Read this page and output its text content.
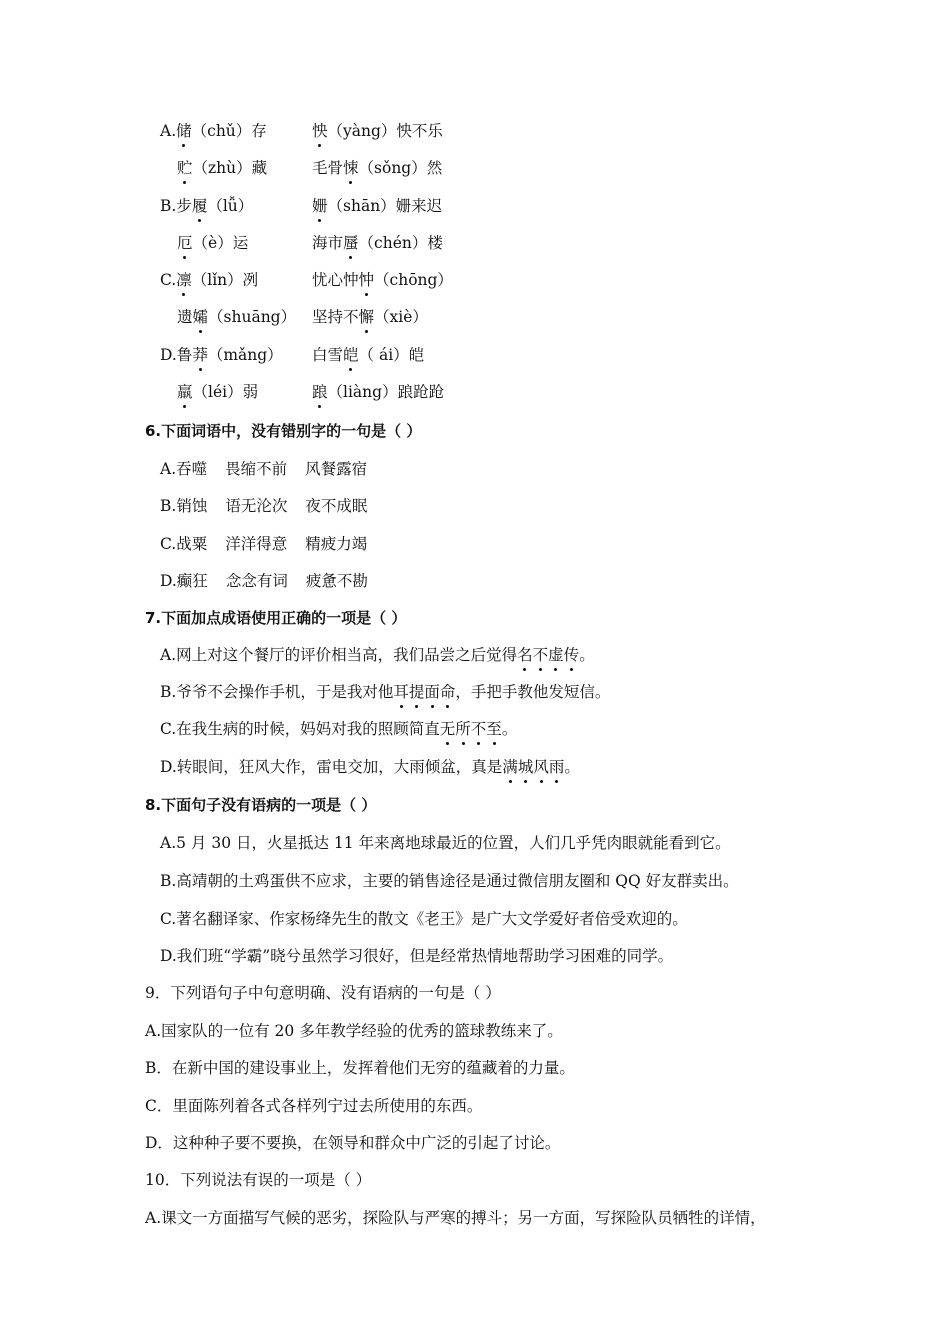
A.储（chǔ）存	怏（yàng）怏不乐
贮（zhù）藏	毛骨悚（sǒng）然
B.步履（lǚ）	姗（shān）姗来迟
厄（è）运	海市蜃（chén）楼
C.凛（lǐn）冽	忧心忡忡（chōng）
遗孀（shuāng） 坚持不懈（xiè）
D.鲁莽（mǎng） 白雪皑（ ái）皑
羸（léi）弱	踉（liàng）踉跄跄
6.下面词语中，没有错别字的一句是（ ）
A.吞噬 畏缩不前 风餐露宿
B.销蚀 语无沦次 夜不成眠
C.战粟 洋洋得意 精疲力竭
D.癫狂 念念有词 疲惫不勘
7.下面加点成语使用正确的一项是（ ）
A.网上对这个餐厅的评价相当高，我们品尝之后觉得名不虚传。
B.爷爷不会操作手机，于是我对他耳提面命，手把手教他发短信。
C.在我生病的时候，妈妈对我的照顾简直无所不至。
D.转眼间，狂风大作，雷电交加，大雨倾盆，真是满城风雨。
8.下面句子没有语病的一项是（ ）
A.5 月 30 日，火星抵达 11 年来离地球最近的位置，人们几乎凭肉眼就能看到它。
B.高靖朝的土鸡蛋供不应求，主要的销售途径是通过微信朋友圈和 QQ 好友群卖出。
C.著名翻译家、作家杨绛先生的散文《老王》是广大文学爱好者倍受欢迎的。
D.我们班“学霸”晓兮虽然学习很好，但是经常热情地帮助学习困难的同学。
9．下列语句子中句意明确、没有语病的一句是（ ）
A.国家队的一位有 20 多年教学经验的优秀的篮球教练来了。
B．在新中国的建设事业上，发挥着他们无穷的蕴藏着的力量。
C．里面陈列着各式各样列宁过去所使用的东西。
D．这种种子要不要换，在领导和群众中广泛的引起了讨论。
10．下列说法有误的一项是（ ）
A.课文一方面描写气候的恶劣，探险队与严寒的搏斗；另一方面，写探险队员牺牲的详情，
